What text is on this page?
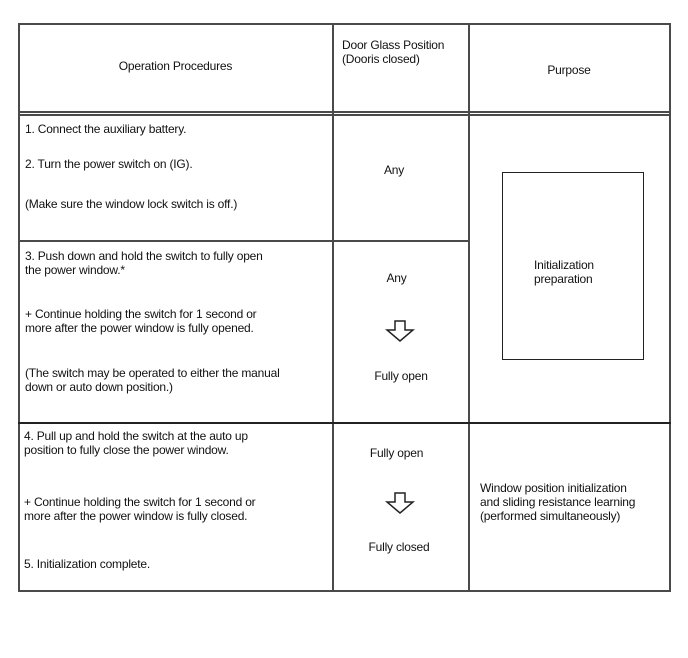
Operation Procedures
Door Glass Position
(Dooris closed)
Purpose
1. Connect the auxiliary battery.
2. Turn the power switch on (IG).
(Make sure the window lock switch is off.)
Any
3. Push down and hold the switch to fully open
the power window.*
+ Continue holding the switch for 1 second or
more after the power window is fully opened.
(The switch may be operated to either the manual
down or auto down position.)
Any
Fully open
Initialization
preparation
4. Pull up and hold the switch at the auto up
position to fully close the power window.
+ Continue holding the switch for 1 second or
more after the power window is fully closed.
5. Initialization complete.
Fully open
Fully closed
Window position initialization
and sliding resistance learning
(performed simultaneously)
